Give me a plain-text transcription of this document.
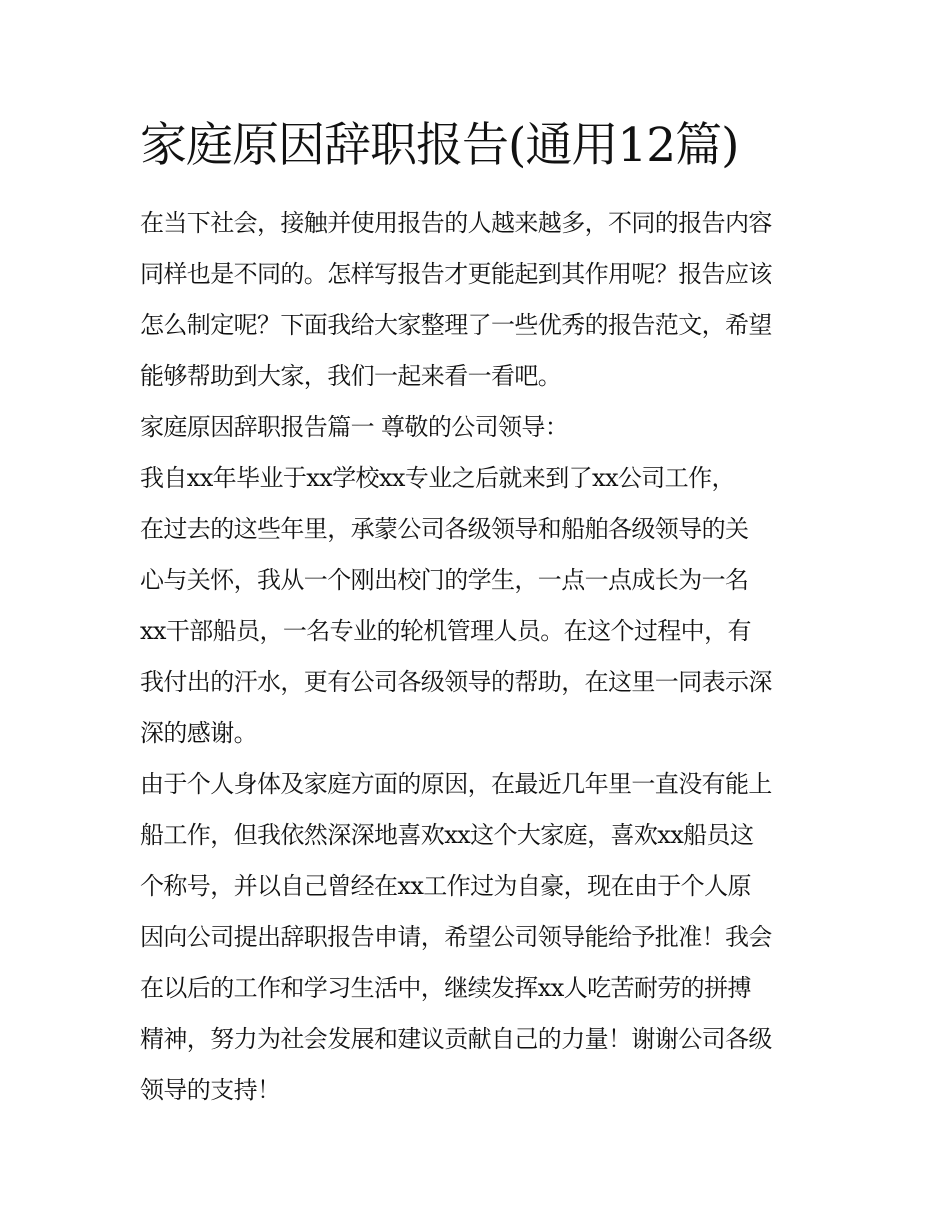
家庭原因辞职报告(通用12篇)
在当下社会，接触并使用报告的人越来越多，不同的报告内容
同样也是不同的。怎样写报告才更能起到其作用呢？报告应该
怎么制定呢？下面我给大家整理了一些优秀的报告范文，希望
能够帮助到大家，我们一起来看一看吧。
家庭原因辞职报告篇一 尊敬的公司领导：
我自xx年毕业于xx学校xx专业之后就来到了xx公司工作，
在过去的这些年里，承蒙公司各级领导和船舶各级领导的关
心与关怀，我从一个刚出校门的学生，一点一点成长为一名
xx干部船员，一名专业的轮机管理人员。在这个过程中，有
我付出的汗水，更有公司各级领导的帮助，在这里一同表示深
深的感谢。
由于个人身体及家庭方面的原因，在最近几年里一直没有能上
船工作，但我依然深深地喜欢xx这个大家庭，喜欢xx船员这
个称号，并以自己曾经在xx工作过为自豪，现在由于个人原
因向公司提出辞职报告申请，希望公司领导能给予批准！我会
在以后的工作和学习生活中，继续发挥xx人吃苦耐劳的拼搏
精神，努力为社会发展和建议贡献自己的力量！谢谢公司各级
领导的支持！
